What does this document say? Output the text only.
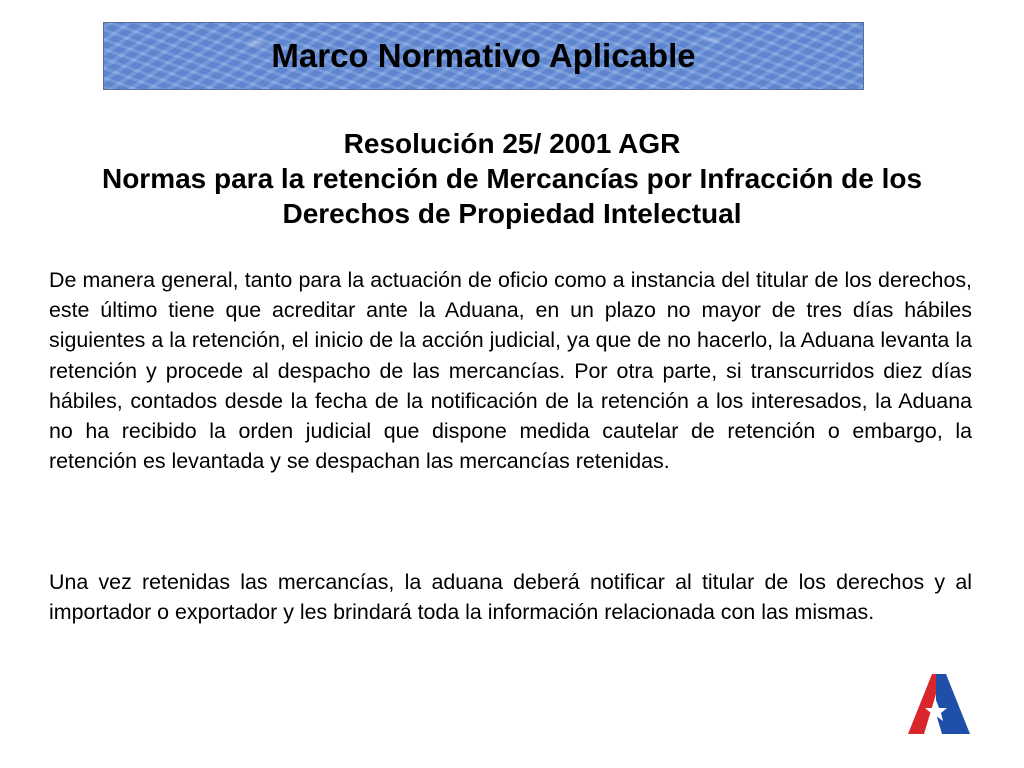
Marco Normativo Aplicable
Resolución 25/ 2001 AGR
Normas para la retención de Mercancías por Infracción de los
Derechos de Propiedad Intelectual

De manera general, tanto para la actuación de oficio como a instancia del titular de los derechos, este último tiene que acreditar ante la Aduana, en un plazo no mayor de tres días hábiles siguientes a la retención, el inicio de la acción judicial, ya que de no hacerlo, la Aduana levanta la retención y procede al despacho de las mercancías. Por otra parte, si transcurridos diez días hábiles, contados desde la fecha de la notificación de la retención a los interesados, la Aduana no ha recibido la orden judicial que dispone medida cautelar de retención o embargo, la retención es levantada y se despachan las mercancías retenidas.

Una vez retenidas las mercancías, la aduana deberá notificar al titular de los derechos y al importador o exportador y les brindará toda la información relacionada con las mismas.
